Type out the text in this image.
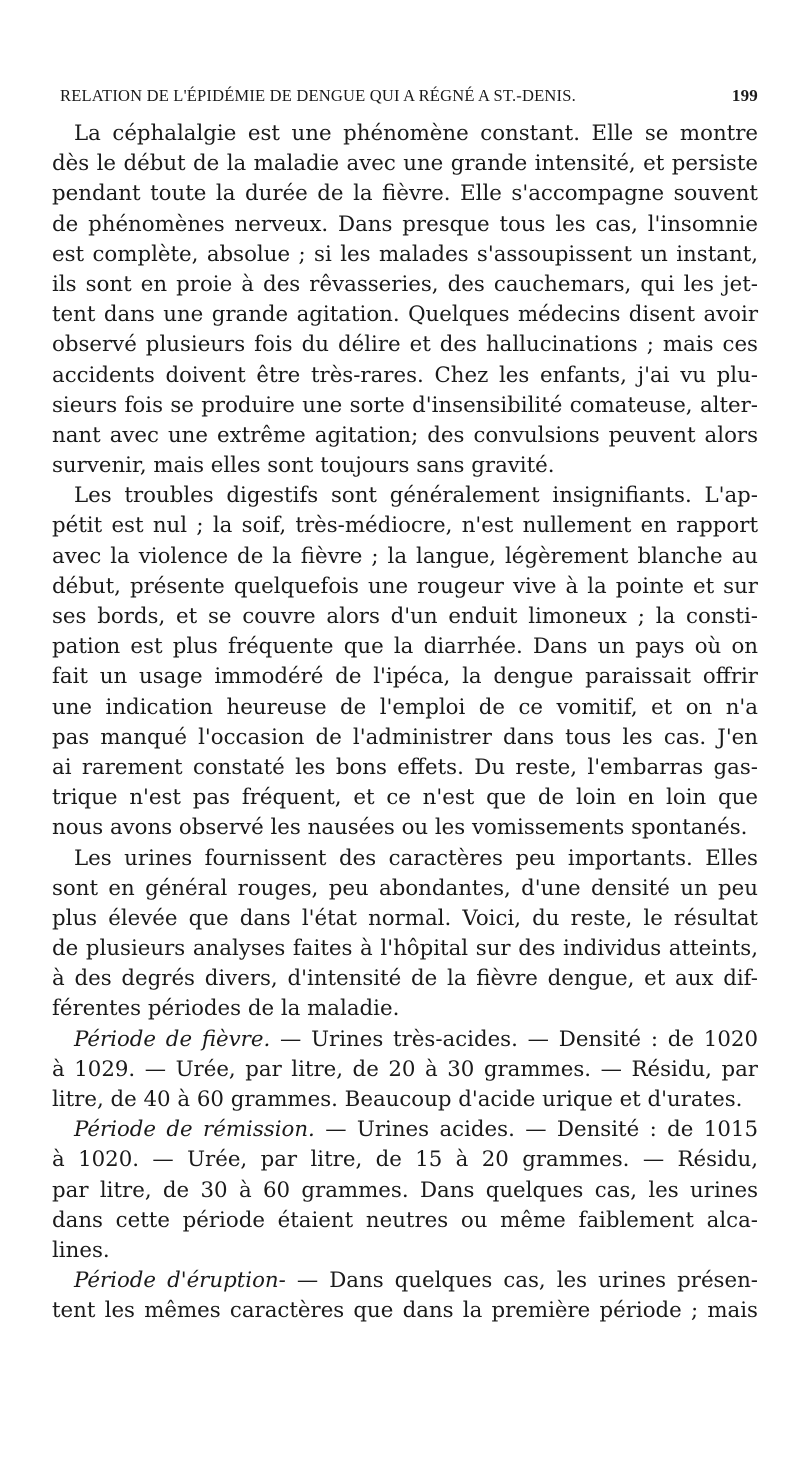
RELATION DE L'ÉPIDÉMIE DE DENGUE QUI A RÉGNÉ A ST.-DENIS.	199
La céphalalgie est une phénomène constant. Elle se montre
dès le début de la maladie avec une grande intensité, et persiste
pendant toute la durée de la fièvre. Elle s'accompagne souvent
de phénomènes nerveux. Dans presque tous les cas, l'insomnie
est complète, absolue ; si les malades s'assoupissent un instant,
ils sont en proie à des rêvasseries, des cauchemars, qui les jet-
tent dans une grande agitation. Quelques médecins disent avoir
observé plusieurs fois du délire et des hallucinations ; mais ces
accidents doivent être très-rares. Chez les enfants, j'ai vu plu-
sieurs fois se produire une sorte d'insensibilité comateuse, alter-
nant avec une extrême agitation; des convulsions peuvent alors
survenir, mais elles sont toujours sans gravité.
Les troubles digestifs sont généralement insignifiants. L'ap-
pétit est nul ; la soif, très-médiocre, n'est nullement en rapport
avec la violence de la fièvre ; la langue, légèrement blanche au
début, présente quelquefois une rougeur vive à la pointe et sur
ses bords, et se couvre alors d'un enduit limoneux ; la consti-
pation est plus fréquente que la diarrhée. Dans un pays où on
fait un usage immodéré de l'ipéca, la dengue paraissait offrir
une indication heureuse de l'emploi de ce vomitif, et on n'a
pas manqué l'occasion de l'administrer dans tous les cas. J'en
ai rarement constaté les bons effets. Du reste, l'embarras gas-
trique n'est pas fréquent, et ce n'est que de loin en loin que
nous avons observé les nausées ou les vomissements spontanés.
Les urines fournissent des caractères peu importants. Elles
sont en général rouges, peu abondantes, d'une densité un peu
plus élevée que dans l'état normal. Voici, du reste, le résultat
de plusieurs analyses faites à l'hôpital sur des individus atteints,
à des degrés divers, d'intensité de la fièvre dengue, et aux dif-
férentes périodes de la maladie.
Période de fièvre. — Urines très-acides. — Densité : de 1020
à 1029. — Urée, par litre, de 20 à 30 grammes. — Résidu, par
litre, de 40 à 60 grammes. Beaucoup d'acide urique et d'urates.
Période de rémission. — Urines acides. — Densité : de 1015
à 1020. — Urée, par litre, de 15 à 20 grammes. — Résidu,
par litre, de 30 à 60 grammes. Dans quelques cas, les urines
dans cette période étaient neutres ou même faiblement alca-
lines.
Période d'éruption- — Dans quelques cas, les urines présen-
tent les mêmes caractères que dans la première période ; mais
